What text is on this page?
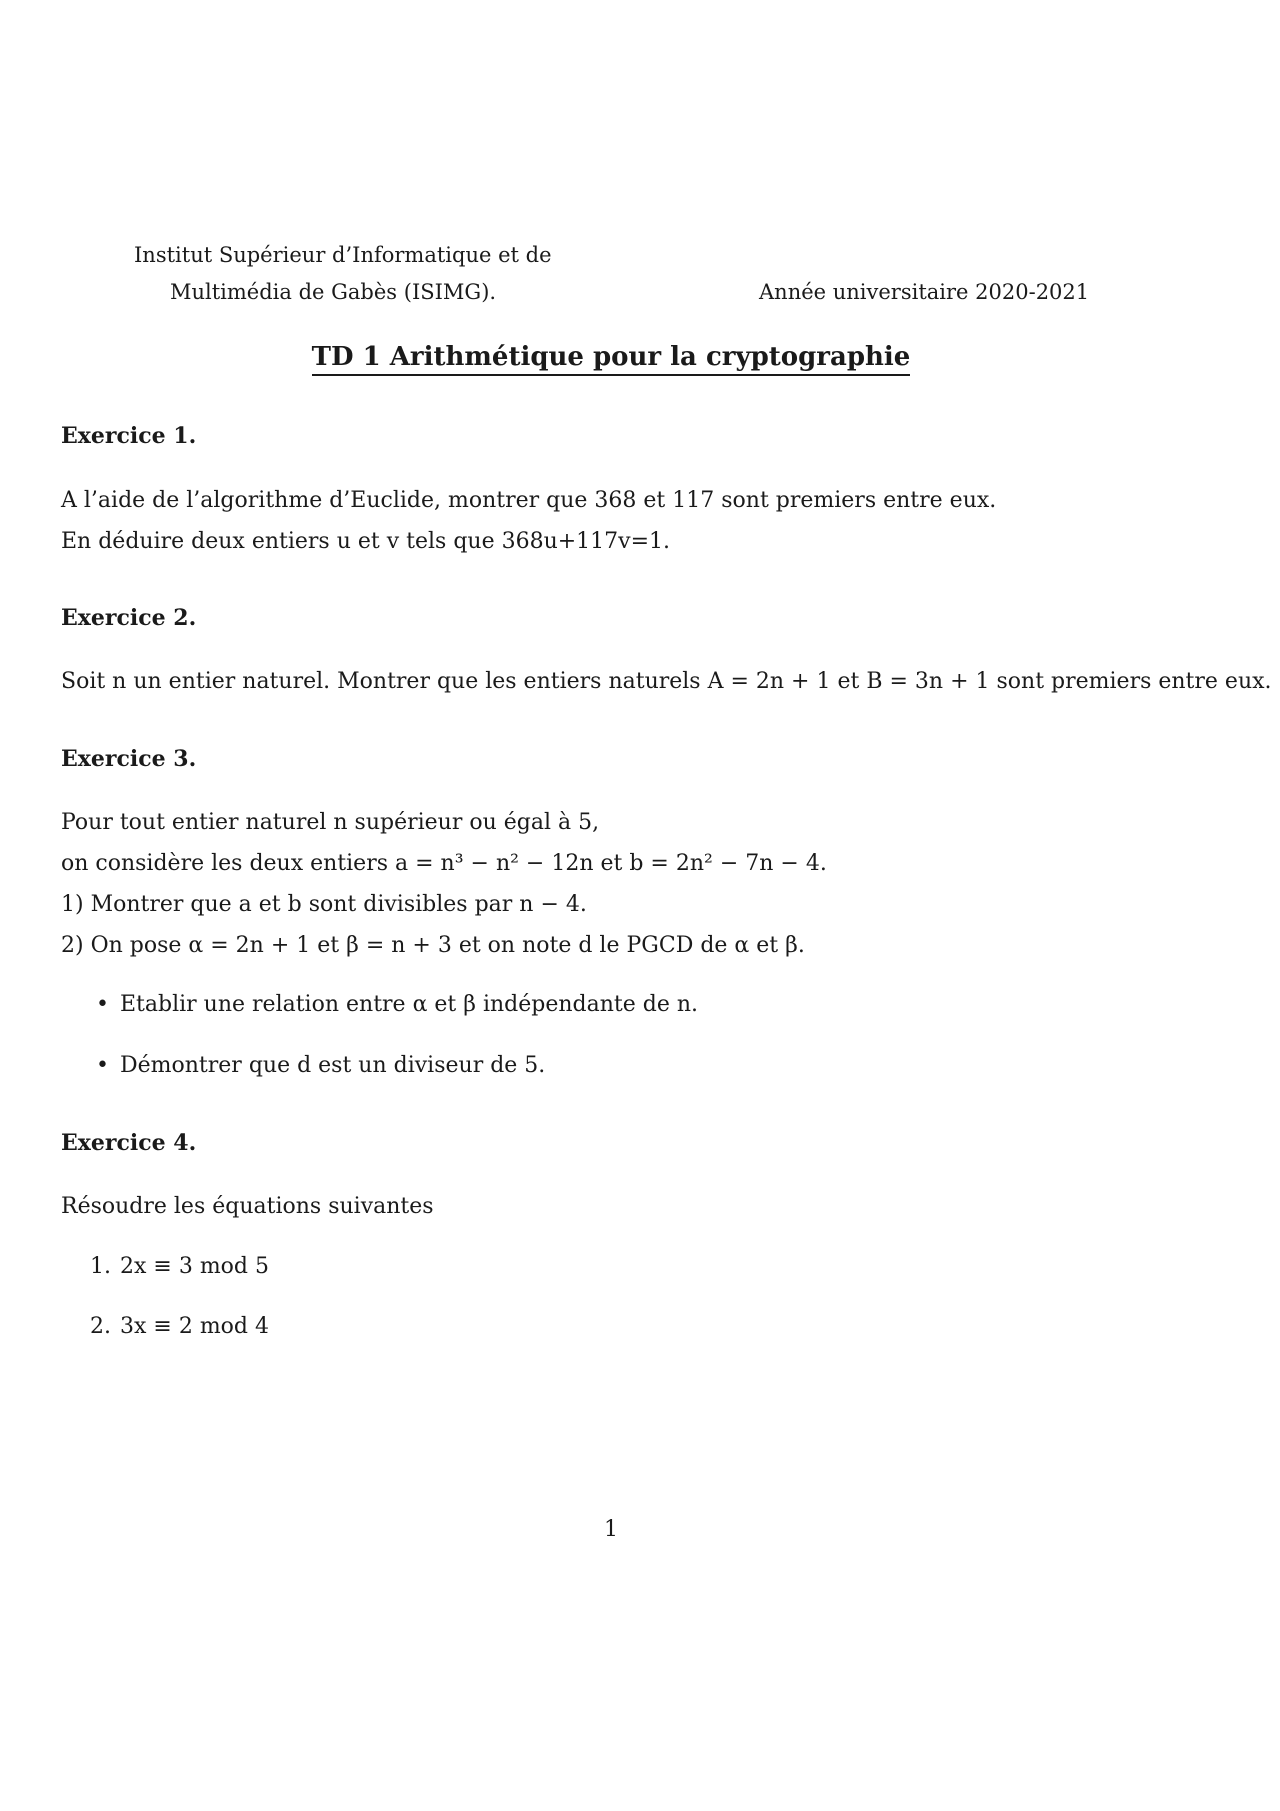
Institut Supérieur d’Informatique et de
Multimédia de Gabès (ISIMG).	Année universitaire 2020-2021
TD 1 Arithmétique pour la cryptographie
Exercice 1.
A l’aide de l’algorithme d’Euclide, montrer que 368 et 117 sont premiers entre eux.
En déduire deux entiers u et v tels que 368u+117v=1.
Exercice 2.
Soit n un entier naturel. Montrer que les entiers naturels A = 2n + 1 et B = 3n + 1 sont premiers entre eux.
Exercice 3.
Pour tout entier naturel n supérieur ou égal à 5,
on considère les deux entiers a = n³ − n² − 12n et b = 2n² − 7n − 4.
1) Montrer que a et b sont divisibles par n − 4.
2) On pose α = 2n + 1 et β = n + 3 et on note d le PGCD de α et β.
• Etablir une relation entre α et β indépendante de n.
• Démontrer que d est un diviseur de 5.
Exercice 4.
Résoudre les équations suivantes
1. 2x ≡ 3 mod 5
2. 3x ≡ 2 mod 4
1
